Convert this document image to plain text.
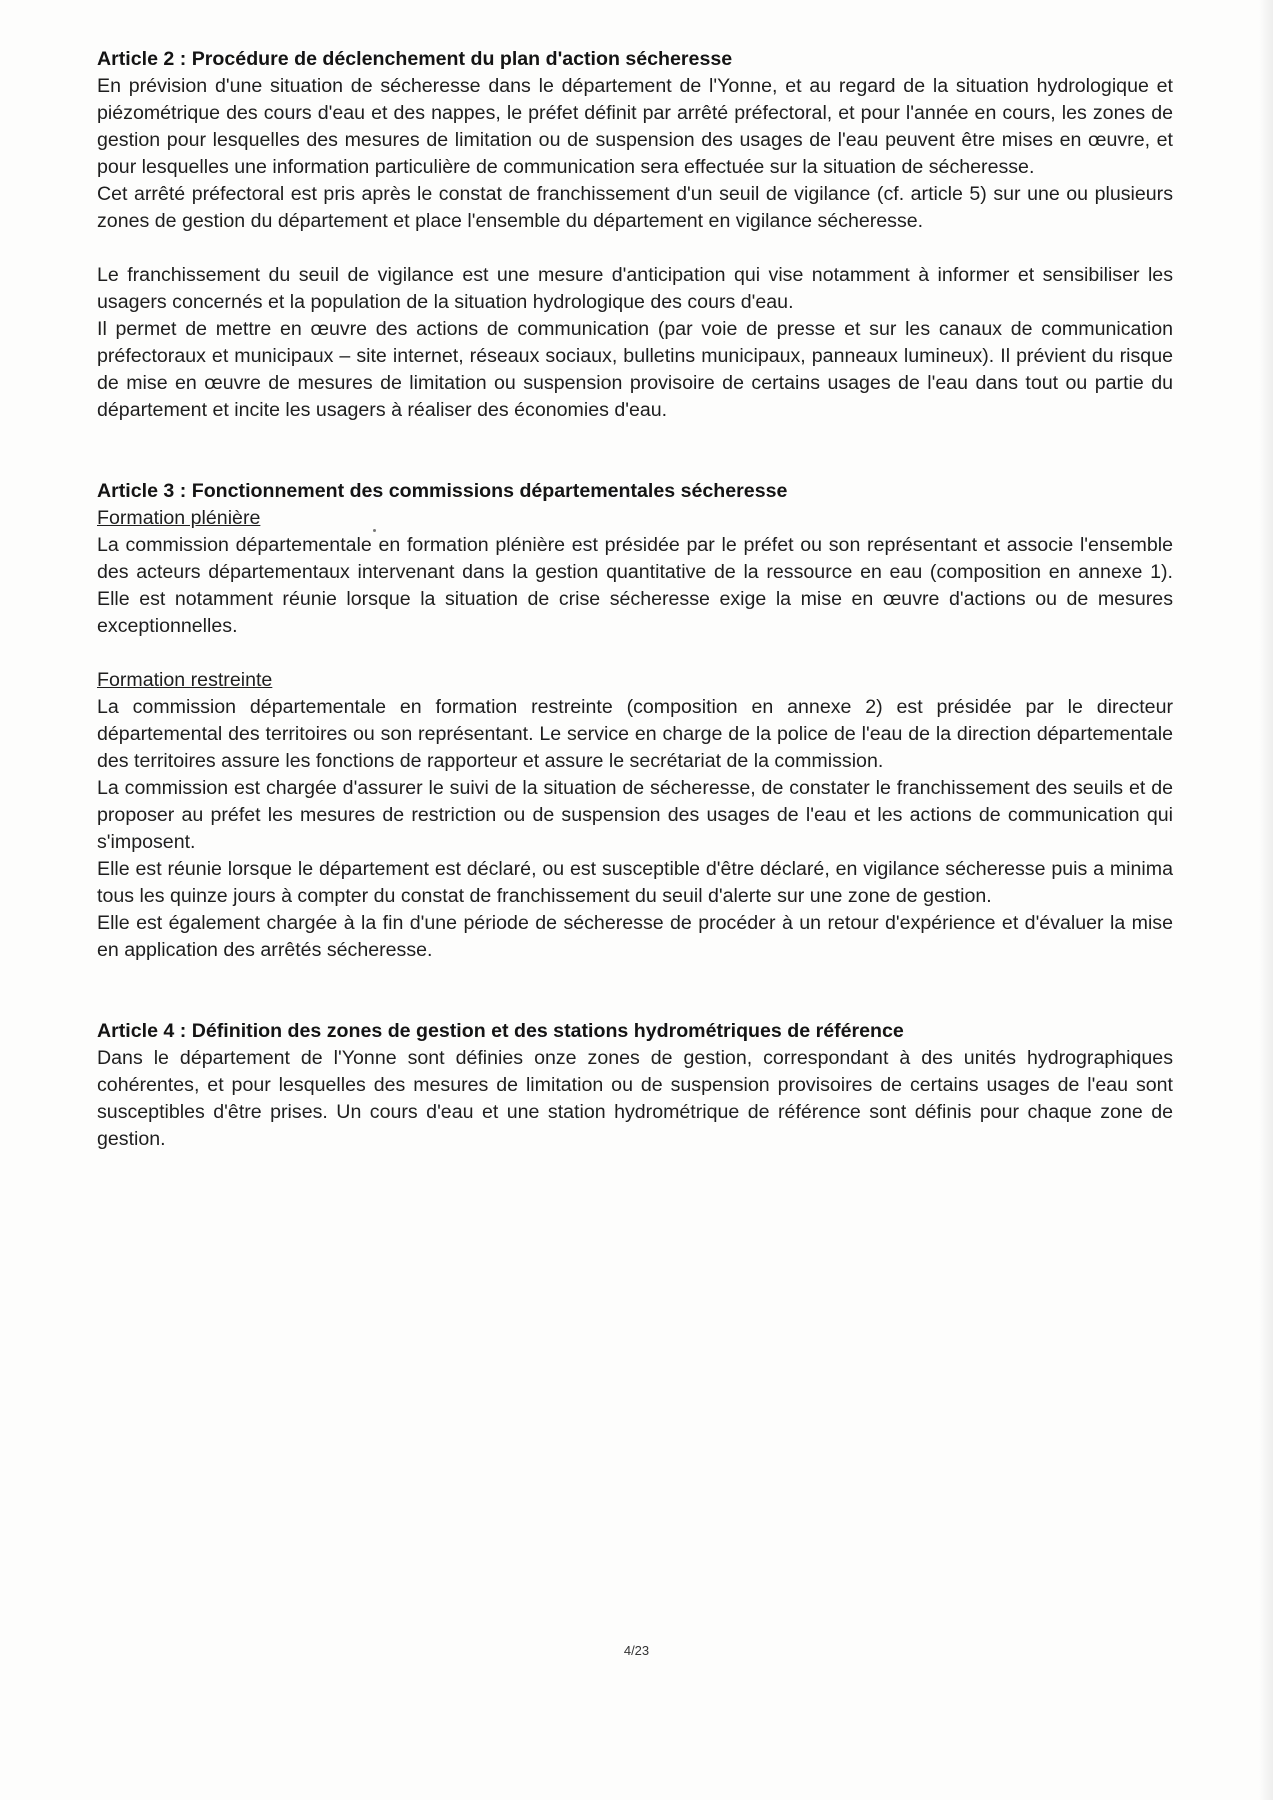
Article 2 : Procédure de déclenchement du plan d'action sécheresse

En prévision d'une situation de sécheresse dans le département de l'Yonne, et au regard de la situation hydrologique et piézométrique des cours d'eau et des nappes, le préfet définit par arrêté préfectoral, et pour l'année en cours, les zones de gestion pour lesquelles des mesures de limitation ou de suspension des usages de l'eau peuvent être mises en œuvre, et pour lesquelles une information particulière de communication sera effectuée sur la situation de sécheresse.

Cet arrêté préfectoral est pris après le constat de franchissement d'un seuil de vigilance (cf. article 5) sur une ou plusieurs zones de gestion du département et place l'ensemble du département en vigilance sécheresse.

Le franchissement du seuil de vigilance est une mesure d'anticipation qui vise notamment à informer et sensibiliser les usagers concernés et la population de la situation hydrologique des cours d'eau.

Il permet de mettre en œuvre des actions de communication (par voie de presse et sur les canaux de communication préfectoraux et municipaux – site internet, réseaux sociaux, bulletins municipaux, panneaux lumineux). Il prévient du risque de mise en œuvre de mesures de limitation ou suspension provisoire de certains usages de l'eau dans tout ou partie du département et incite les usagers à réaliser des économies d'eau.

Article 3 : Fonctionnement des commissions départementales sécheresse

Formation plénière

La commission départementale en formation plénière est présidée par le préfet ou son représentant et associe l'ensemble des acteurs départementaux intervenant dans la gestion quantitative de la ressource en eau (composition en annexe 1). Elle est notamment réunie lorsque la situation de crise sécheresse exige la mise en œuvre d'actions ou de mesures exceptionnelles.

Formation restreinte

La commission départementale en formation restreinte (composition en annexe 2) est présidée par le directeur départemental des territoires ou son représentant. Le service en charge de la police de l'eau de la direction départementale des territoires assure les fonctions de rapporteur et assure le secrétariat de la commission.

La commission est chargée d'assurer le suivi de la situation de sécheresse, de constater le franchissement des seuils et de proposer au préfet les mesures de restriction ou de suspension des usages de l'eau et les actions de communication qui s'imposent.

Elle est réunie lorsque le département est déclaré, ou est susceptible d'être déclaré, en vigilance sécheresse puis a minima tous les quinze jours à compter du constat de franchissement du seuil d'alerte sur une zone de gestion.

Elle est également chargée à la fin d'une période de sécheresse de procéder à un retour d'expérience et d'évaluer la mise en application des arrêtés sécheresse.

Article 4 : Définition des zones de gestion et des stations hydrométriques de référence

Dans le département de l'Yonne sont définies onze zones de gestion, correspondant à des unités hydrographiques cohérentes, et pour lesquelles des mesures de limitation ou de suspension provisoires de certains usages de l'eau sont susceptibles d'être prises. Un cours d'eau et une station hydrométrique de référence sont définis pour chaque zone de gestion.

4/23
